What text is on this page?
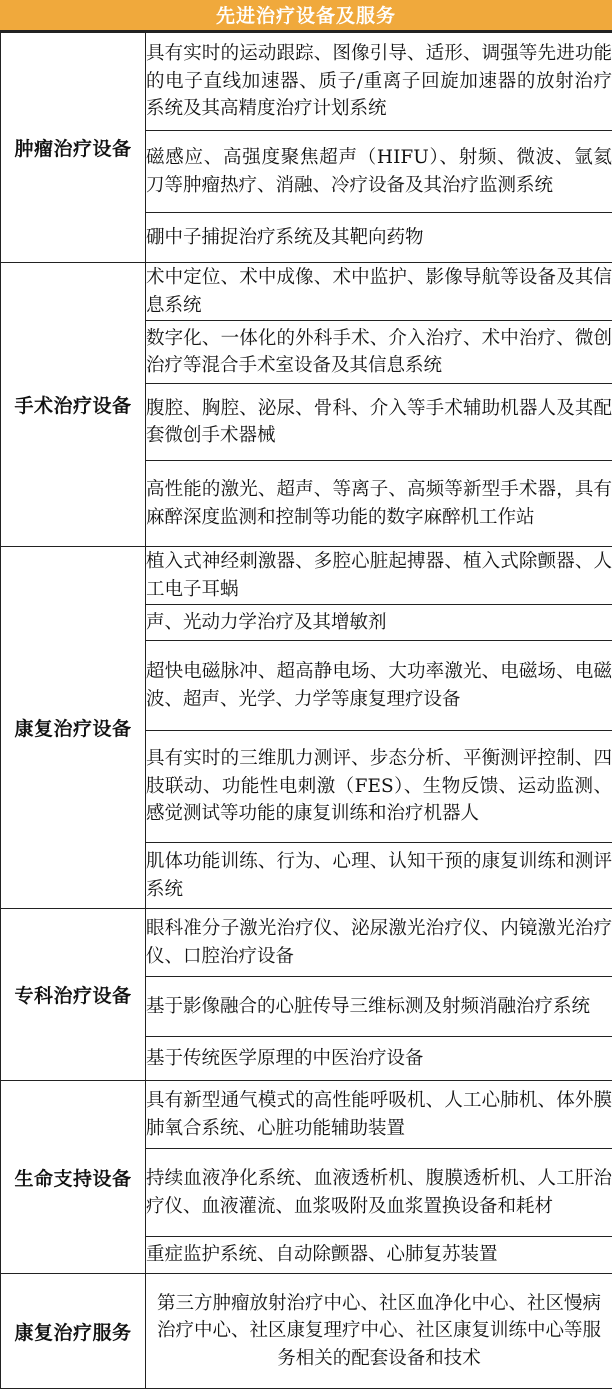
先进治疗设备及服务
肿瘤治疗设备	具有实时的运动跟踪、图像引导、适形、调强等先进功能的电子直线加速器、质子/重离子回旋加速器的放射治疗系统及其高精度治疗计划系统
	磁感应、高强度聚焦超声（HIFU）、射频、微波、氩氦刀等肿瘤热疗、消融、冷疗设备及其治疗监测系统
	硼中子捕捉治疗系统及其靶向药物
手术治疗设备	术中定位、术中成像、术中监护、影像导航等设备及其信息系统
	数字化、一体化的外科手术、介入治疗、术中治疗、微创治疗等混合手术室设备及其信息系统
	腹腔、胸腔、泌尿、骨科、介入等手术辅助机器人及其配套微创手术器械
	高性能的激光、超声、等离子、高频等新型手术器，具有麻醉深度监测和控制等功能的数字麻醉机工作站
康复治疗设备	植入式神经刺激器、多腔心脏起搏器、植入式除颤器、人工电子耳蜗
	声、光动力学治疗及其增敏剂
	超快电磁脉冲、超高静电场、大功率激光、电磁场、电磁波、超声、光学、力学等康复理疗设备
	具有实时的三维肌力测评、步态分析、平衡测评控制、四肢联动、功能性电刺激（FES）、生物反馈、运动监测、感觉测试等功能的康复训练和治疗机器人
	肌体功能训练、行为、心理、认知干预的康复训练和测评系统
专科治疗设备	眼科准分子激光治疗仪、泌尿激光治疗仪、内镜激光治疗仪、口腔治疗设备
	基于影像融合的心脏传导三维标测及射频消融治疗系统
	基于传统医学原理的中医治疗设备
生命支持设备	具有新型通气模式的高性能呼吸机、人工心肺机、体外膜肺氧合系统、心脏功能辅助装置
	持续血液净化系统、血液透析机、腹膜透析机、人工肝治疗仪、血液灌流、血浆吸附及血浆置换设备和耗材
	重症监护系统、自动除颤器、心肺复苏装置
康复治疗服务	第三方肿瘤放射治疗中心、社区血净化中心、社区慢病治疗中心、社区康复理疗中心、社区康复训练中心等服务相关的配套设备和技术
